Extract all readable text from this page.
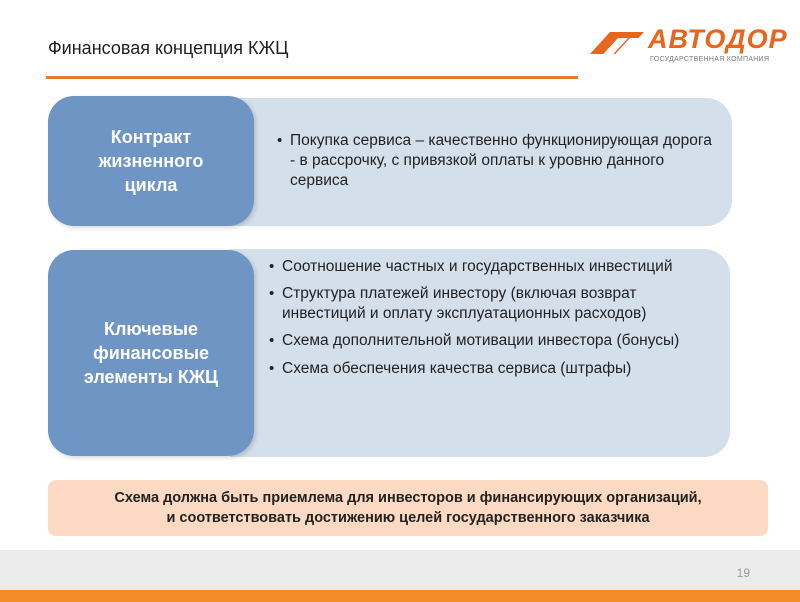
Финансовая концепция КЖЦ	АВТОДОР
ГОСУДАРСТВЕННАЯ КОМПАНИЯ
Контракт
жизненного
цикла
• Покупка сервиса – качественно функционирующая дорога - в рассрочку, с привязкой оплаты к уровню данного сервиса
Ключевые
финансовые
элементы КЖЦ
• Соотношение частных и государственных инвестиций
• Структура платежей инвестору (включая возврат инвестиций и оплату эксплуатационных расходов)
• Схема дополнительной мотивации инвестора (бонусы)
• Схема обеспечения качества сервиса (штрафы)
Схема должна быть приемлема для инвесторов и финансирующих организаций,
и соответствовать достижению целей государственного заказчика
19
